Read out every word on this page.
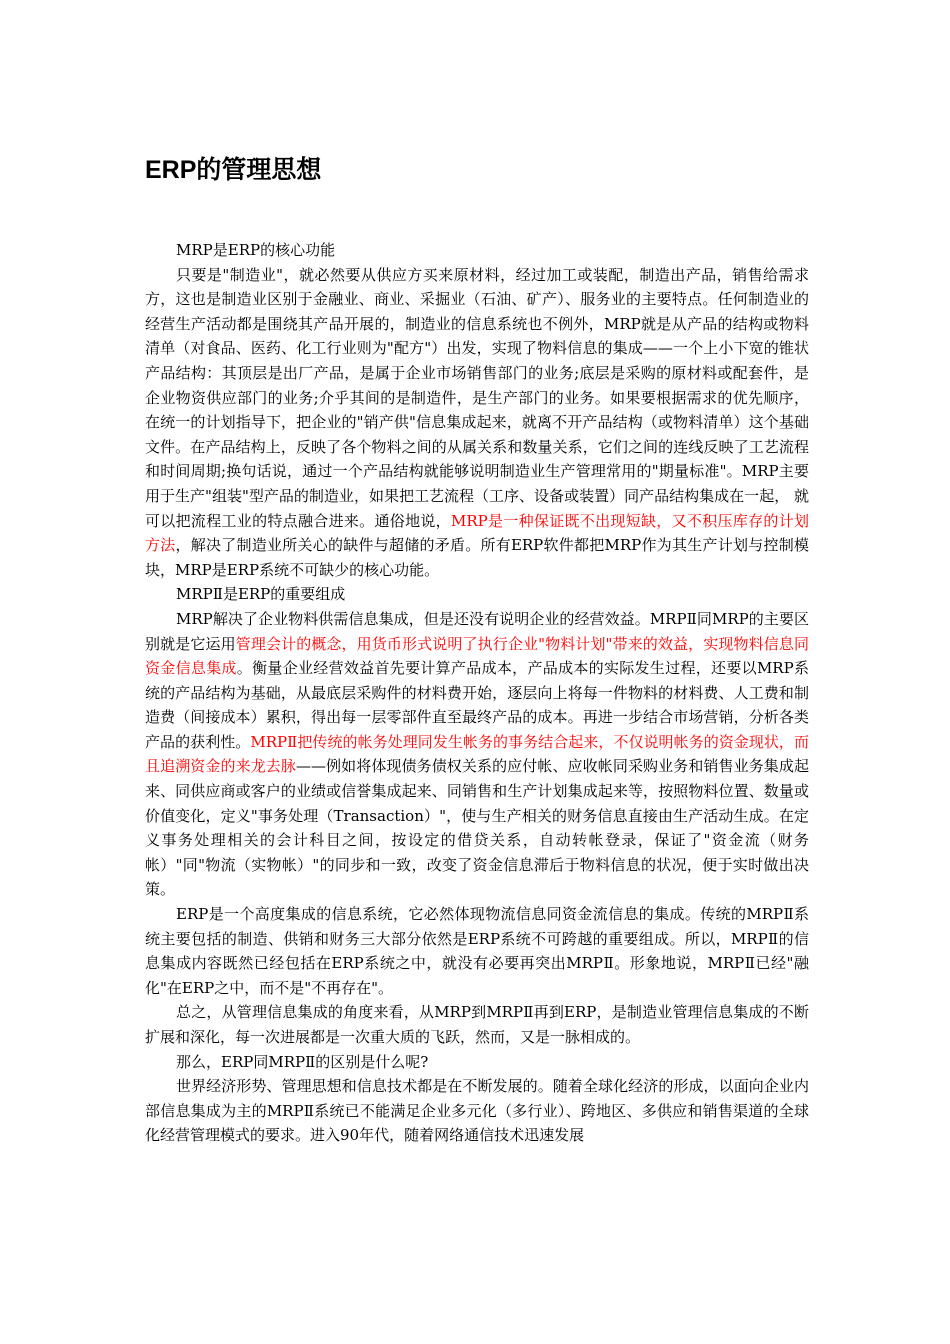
ERP的管理思想

MRP是ERP的核心功能

只要是"制造业"，就必然要从供应方买来原材料，经过加工或装配，制造出产品，销售给需求方，这也是制造业区别于金融业、商业、采掘业（石油、矿产）、服务业的主要特点。任何制造业的经营生产活动都是围绕其产品开展的，制造业的信息系统也不例外，MRP就是从产品的结构或物料清单（对食品、医药、化工行业则为"配方"）出发，实现了物料信息的集成——一个上小下宽的锥状产品结构：其顶层是出厂产品，是属于企业市场销售部门的业务;底层是采购的原材料或配套件，是企业物资供应部门的业务;介乎其间的是制造件，是生产部门的业务。如果要根据需求的优先顺序，在统一的计划指导下，把企业的"销产供"信息集成起来，就离不开产品结构（或物料清单）这个基础文件。在产品结构上，反映了各个物料之间的从属关系和数量关系，它们之间的连线反映了工艺流程和时间周期;换句话说，通过一个产品结构就能够说明制造业生产管理常用的"期量标准"。MRP主要用于生产"组装"型产品的制造业，如果把工艺流程（工序、设备或装置）同产品结构集成在一起， 就可以把流程工业的特点融合进来。通俗地说，MRP是一种保证既不出现短缺，又不积压库存的计划方法，解决了制造业所关心的缺件与超储的矛盾。所有ERP软件都把MRP作为其生产计划与控制模块，MRP是ERP系统不可缺少的核心功能。

MRPⅡ是ERP的重要组成

MRP解决了企业物料供需信息集成，但是还没有说明企业的经营效益。MRPⅡ同MRP的主要区别就是它运用管理会计的概念，用货币形式说明了执行企业"物料计划"带来的效益，实现物料信息同资金信息集成。衡量企业经营效益首先要计算产品成本，产品成本的实际发生过程，还要以MRP系统的产品结构为基础，从最底层采购件的材料费开始，逐层向上将每一件物料的材料费、人工费和制造费（间接成本）累积，得出每一层零部件直至最终产品的成本。再进一步结合市场营销，分析各类产品的获利性。MRPⅡ把传统的帐务处理同发生帐务的事务结合起来，不仅说明帐务的资金现状，而且追溯资金的来龙去脉——例如将体现债务债权关系的应付帐、应收帐同采购业务和销售业务集成起来、同供应商或客户的业绩或信誉集成起来、同销售和生产计划集成起来等，按照物料位置、数量或价值变化，定义"事务处理（Transaction）"，使与生产相关的财务信息直接由生产活动生成。在定义事务处理相关的会计科目之间，按设定的借贷关系，自动转帐登录，保证了"资金流（财务帐）"同"物流（实物帐）"的同步和一致，改变了资金信息滞后于物料信息的状况，便于实时做出决策。

ERP是一个高度集成的信息系统，它必然体现物流信息同资金流信息的集成。传统的MRPⅡ系统主要包括的制造、供销和财务三大部分依然是ERP系统不可跨越的重要组成。所以，MRPⅡ的信息集成内容既然已经包括在ERP系统之中，就没有必要再突出MRPⅡ。形象地说，MRPⅡ已经"融化"在ERP之中，而不是"不再存在"。

总之，从管理信息集成的角度来看，从MRP到MRPⅡ再到ERP，是制造业管理信息集成的不断扩展和深化，每一次进展都是一次重大质的飞跃，然而，又是一脉相成的。

那么，ERP同MRPⅡ的区别是什么呢?

世界经济形势、管理思想和信息技术都是在不断发展的。随着全球化经济的形成，以面向企业内部信息集成为主的MRPⅡ系统已不能满足企业多元化（多行业）、跨地区、多供应和销售渠道的全球化经营管理模式的要求。进入90年代，随着网络通信技术迅速发展
